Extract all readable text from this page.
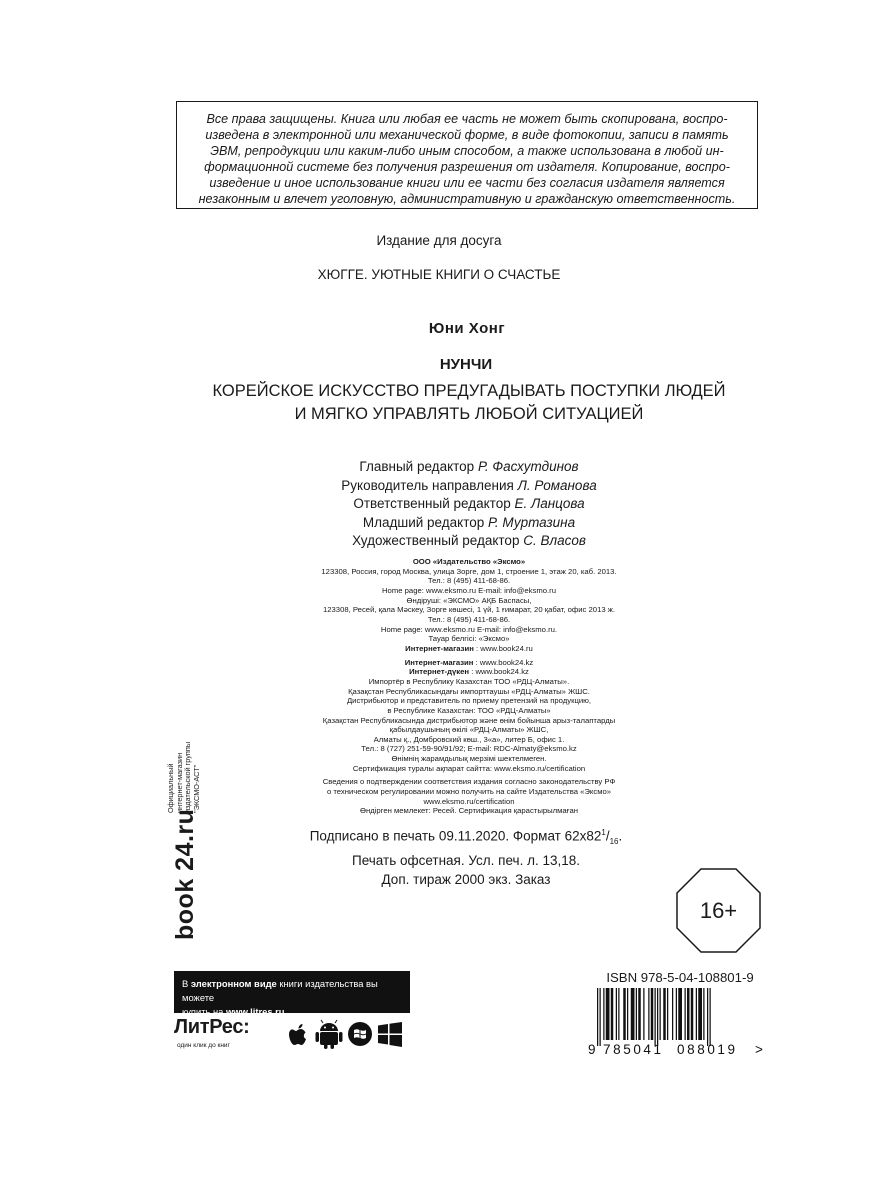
Все права защищены. Книга или любая ее часть не может быть скопирована, воспро-

изведена в электронной или механической форме, в виде фотокопии, записи в память

ЭВМ, репродукции или каким-либо иным способом, а также использована в любой ин-

формационной системе без получения разрешения от издателя. Копирование, воспро-

изведение и иное использование книги или ее части без согласия издателя является

незаконным и влечет уголовную, административную и гражданскую ответственность.

Издание для досуга
ХЮГГЕ. УЮТНЫЕ КНИГИ О СЧАСТЬЕ
Юни Хонг
НУНЧИ
КОРЕЙСКОЕ ИСКУССТВО ПРЕДУГАДЫВАТЬ ПОСТУПКИ ЛЮДЕЙ
И МЯГКО УПРАВЛЯТЬ ЛЮБОЙ СИТУАЦИЕЙ
Главный редактор Р. Фасхутдинов
Руководитель направления Л. Романова
Ответственный редактор Е. Ланцова
Младший редактор Р. Муртазина
Художественный редактор С. Власов
ООО «Издательство «Эксмо»
123308, Россия, город Москва, улица Зорге, дом 1, строение 1, этаж 20, каб. 2013.
Тел.: 8 (495) 411-68-86.
Home page: www.eksmo.ru E-mail: info@eksmo.ru
Өндіруші: «ЭКСМО» АҚБ Баспасы,
123308, Ресей, қала Мәскеу, Зорге көшесі, 1 үй, 1 ғимарат, 20 қабат, офис 2013 ж.
Тел.: 8 (495) 411-68-86.
Home page: www.eksmo.ru E-mail: info@eksmo.ru.
Тауар белгісі: «Эксмо»
Интернет-магазин : www.book24.ru
Интернет-магазин : www.book24.kz
Интернет-дүкен : www.book24.kz
Импортёр в Республику Казахстан ТОО «РДЦ-Алматы».
Қазақстан Республикасындағы импорттаушы «РДЦ-Алматы» ЖШС.
Дистрибьютор и представитель по приему претензий на продукцию,
в Республике Казахстан: ТОО «РДЦ-Алматы»
Қазақстан Республикасында дистрибьютор және өнім бойынша арыз-талаптарды
қабылдаушының өкілі «РДЦ-Алматы» ЖШС,
Алматы қ., Домбровский көш., 3«а», литер Б, офис 1.
Тел.: 8 (727) 251-59-90/91/92; E-mail: RDC-Almaty@eksmo.kz
Өнімнің жарамдылық мерзімі шектелмеген.
Сертификация туралы ақпарат сайтта: www.eksmo.ru/certification
Сведения о подтверждении соответствия издания согласно законодательству РФ
о техническом регулировании можно получить на сайте Издательства «Эксмо»
www.eksmo.ru/certification
Өндірген мемлекет: Ресей. Сертификация қарастырылмаған
Подписано в печать 09.11.2020. Формат $62x82^1/_{16}$.
Печать офсетная. Усл. печ. л. 13,18.
Доп. тираж 2000 экз. Заказ
16+
Официальный интернет-магазин издательской группы "ЭКСМО-АСТ"
book 24.ru
В электронном виде книги издательства вы можете
купить на www.litres.ru
ЛитРес:
один клик до книг
ISBN 978-5-04-108801-9
9 785041 088019 >
